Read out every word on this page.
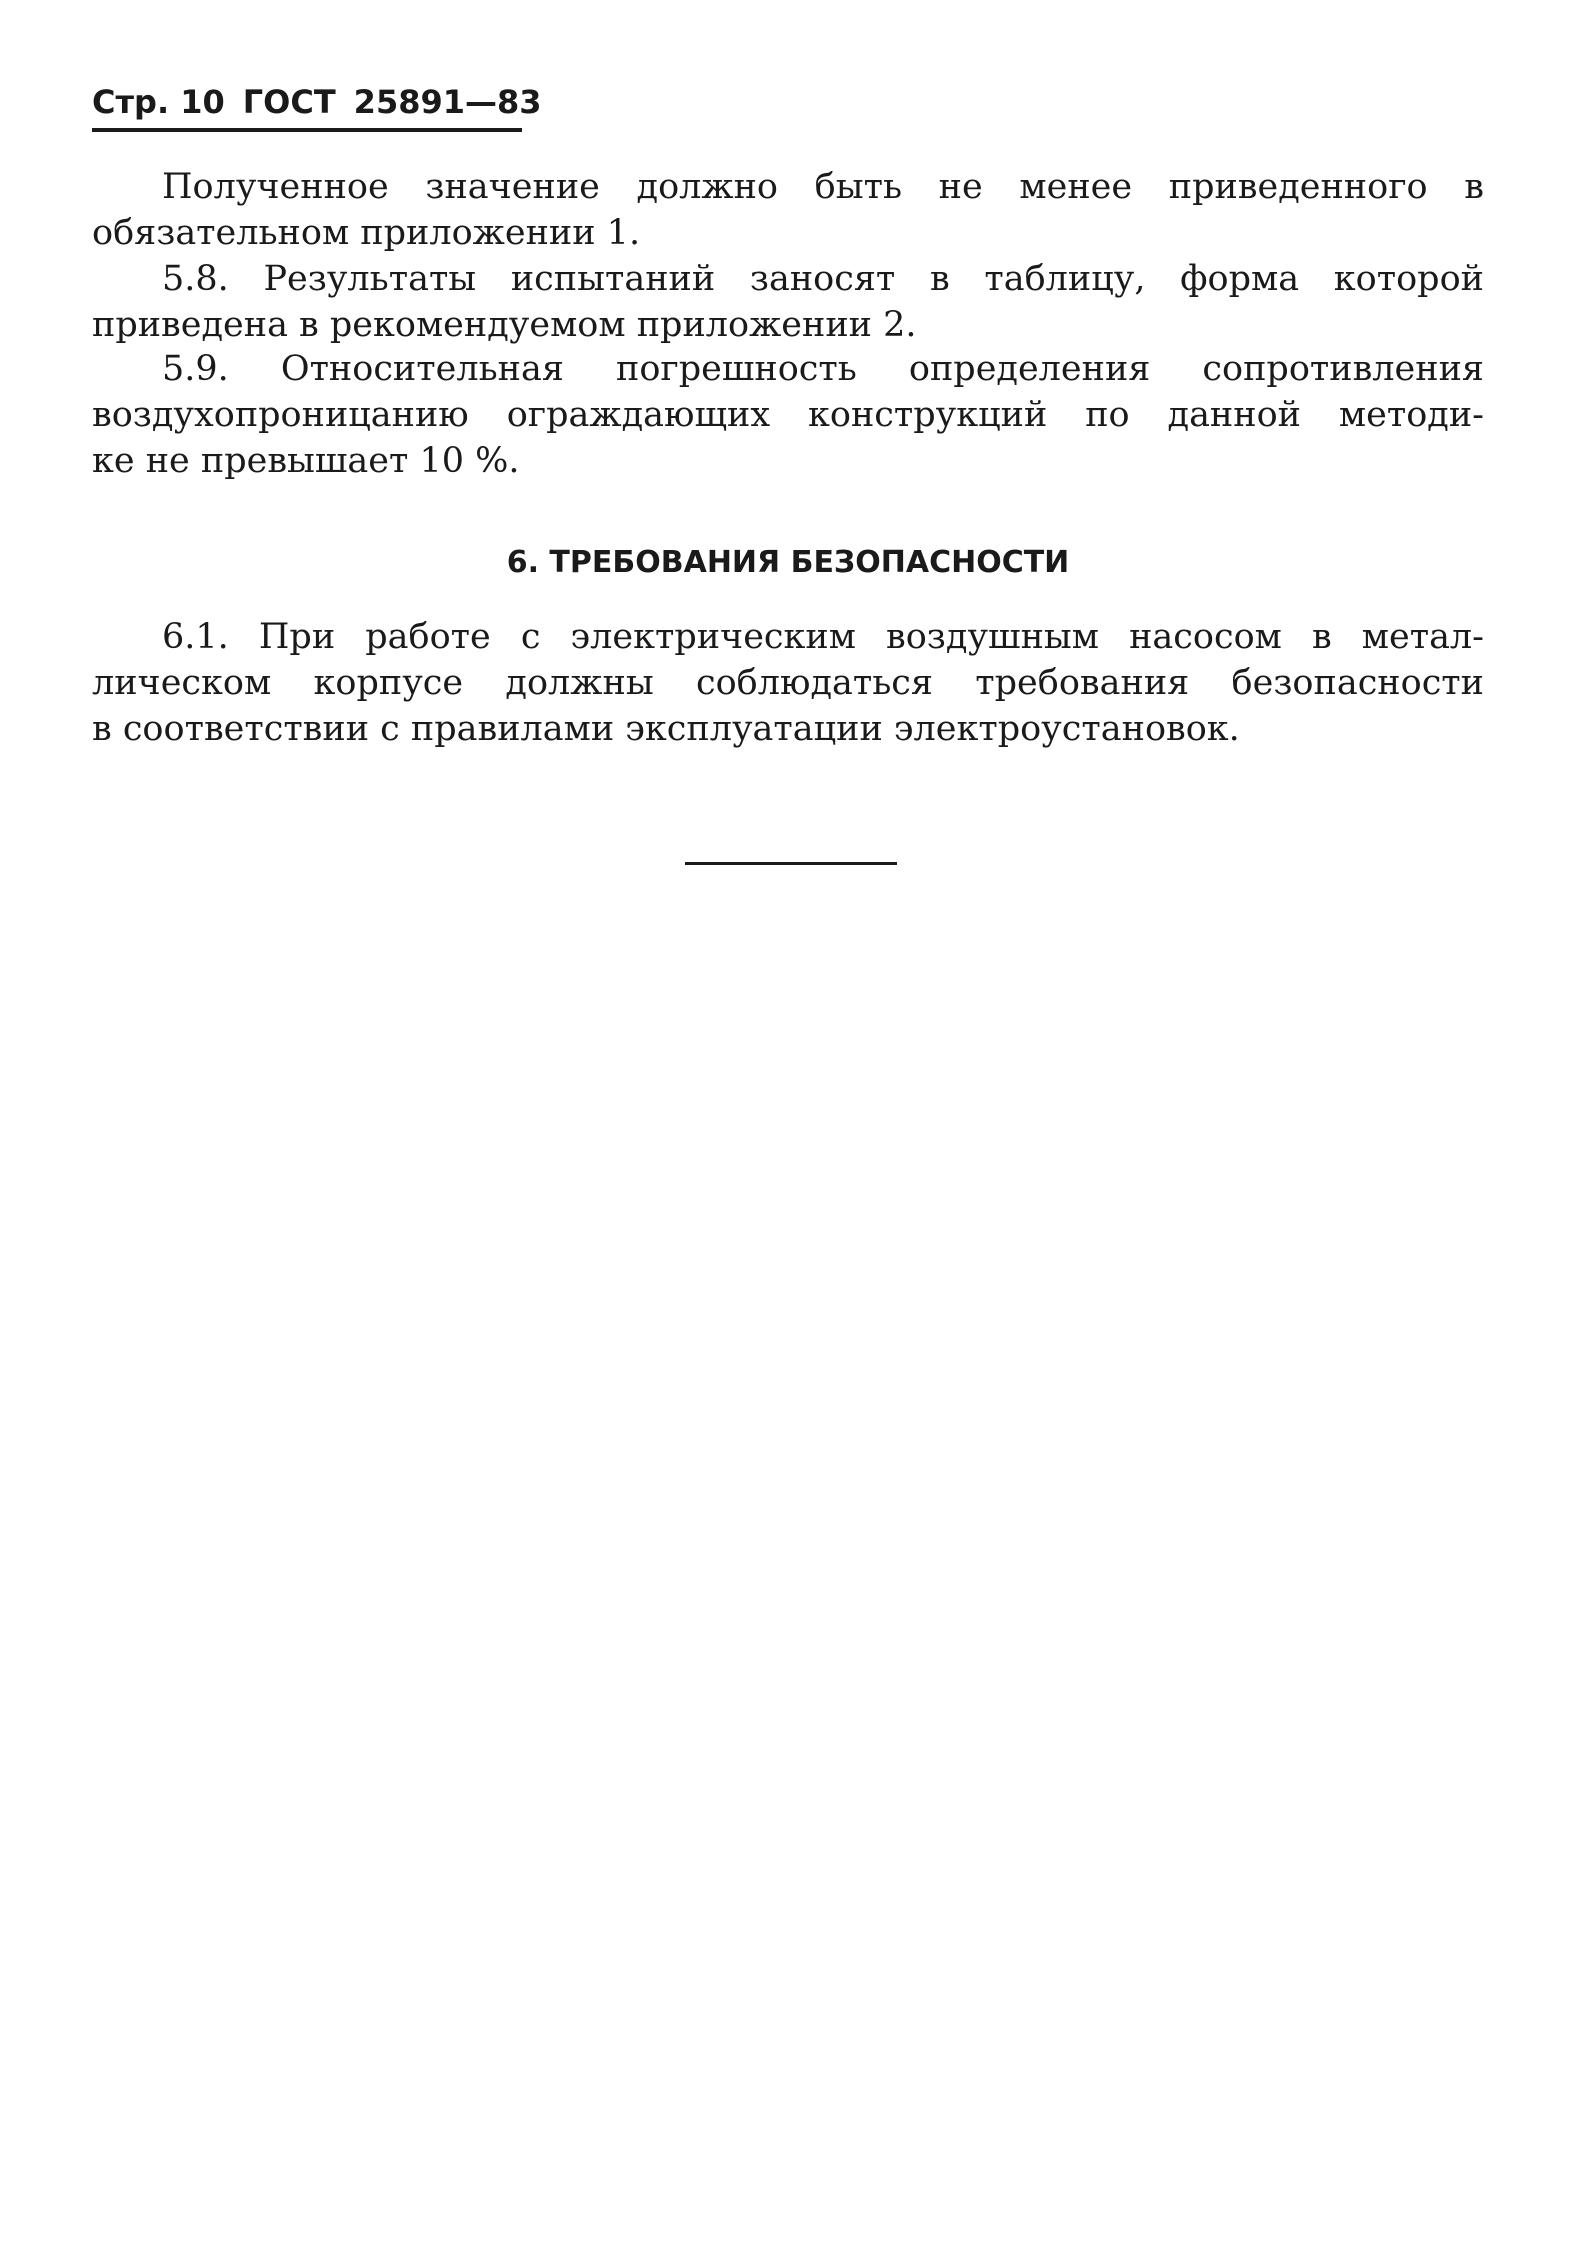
Стр. 10 ГОСТ 25891—83
Полученное значение должно быть не менее приведенного в
обязательном приложении 1.
5.8. Результаты испытаний заносят в таблицу, форма которой
приведена в рекомендуемом приложении 2.
5.9. Относительная погрешность определения сопротивления
воздухопроницанию ограждающих конструкций по данной методи-
ке не превышает 10 %.
6. ТРЕБОВАНИЯ БЕЗОПАСНОСТИ
6.1. При работе с электрическим воздушным насосом в метал-
лическом корпусе должны соблюдаться требования безопасности
в соответствии с правилами эксплуатации электроустановок.
